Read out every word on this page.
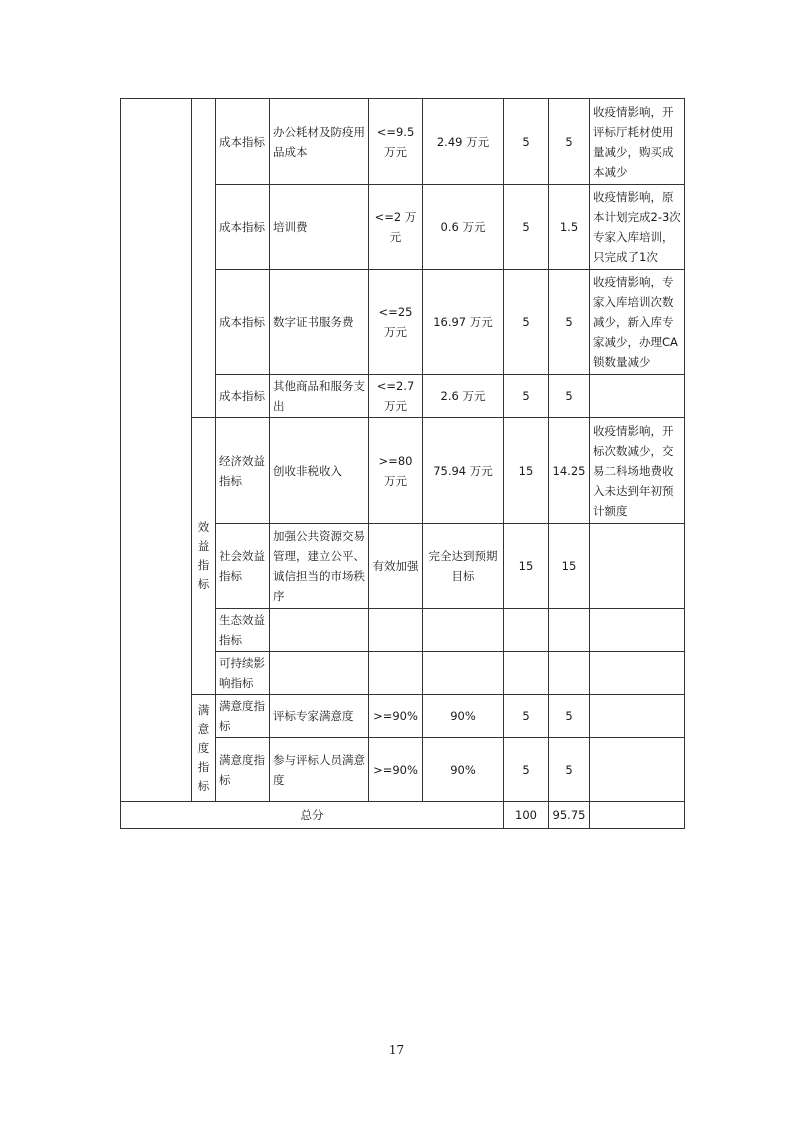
		成本指标	办公耗材及防疫用品成本	<=9.5 万元	2.49 万元	5	5	收疫情影响，开评标厅耗材使用量减少，购买成本减少
		成本指标	培训费	<=2 万元	0.6 万元	5	1.5	收疫情影响，原本计划完成2-3次专家入库培训，只完成了1次
		成本指标	数字证书服务费	<=25 万元	16.97 万元	5	5	收疫情影响，专家入库培训次数减少，新入库专家减少，办理CA锁数量减少
		成本指标	其他商品和服务支出	<=2.7 万元	2.6 万元	5	5	

	效益指标	经济效益指标	创收非税收入	>=80 万元	75.94 万元	15	14.25	收疫情影响，开标次数减少，交易二科场地费收入未达到年初预计额度
		社会效益指标	加强公共资源交易管理，建立公平、诚信担当的市场秩序	有效加强	完全达到预期目标	15	15	
		生态效益指标						
		可持续影响指标						

	满意度指标	满意度指标	评标专家满意度	>=90%	90%	5	5	
		满意度指标	参与评标人员满意度	>=90%	90%	5	5	
总分						100	95.75	
17
